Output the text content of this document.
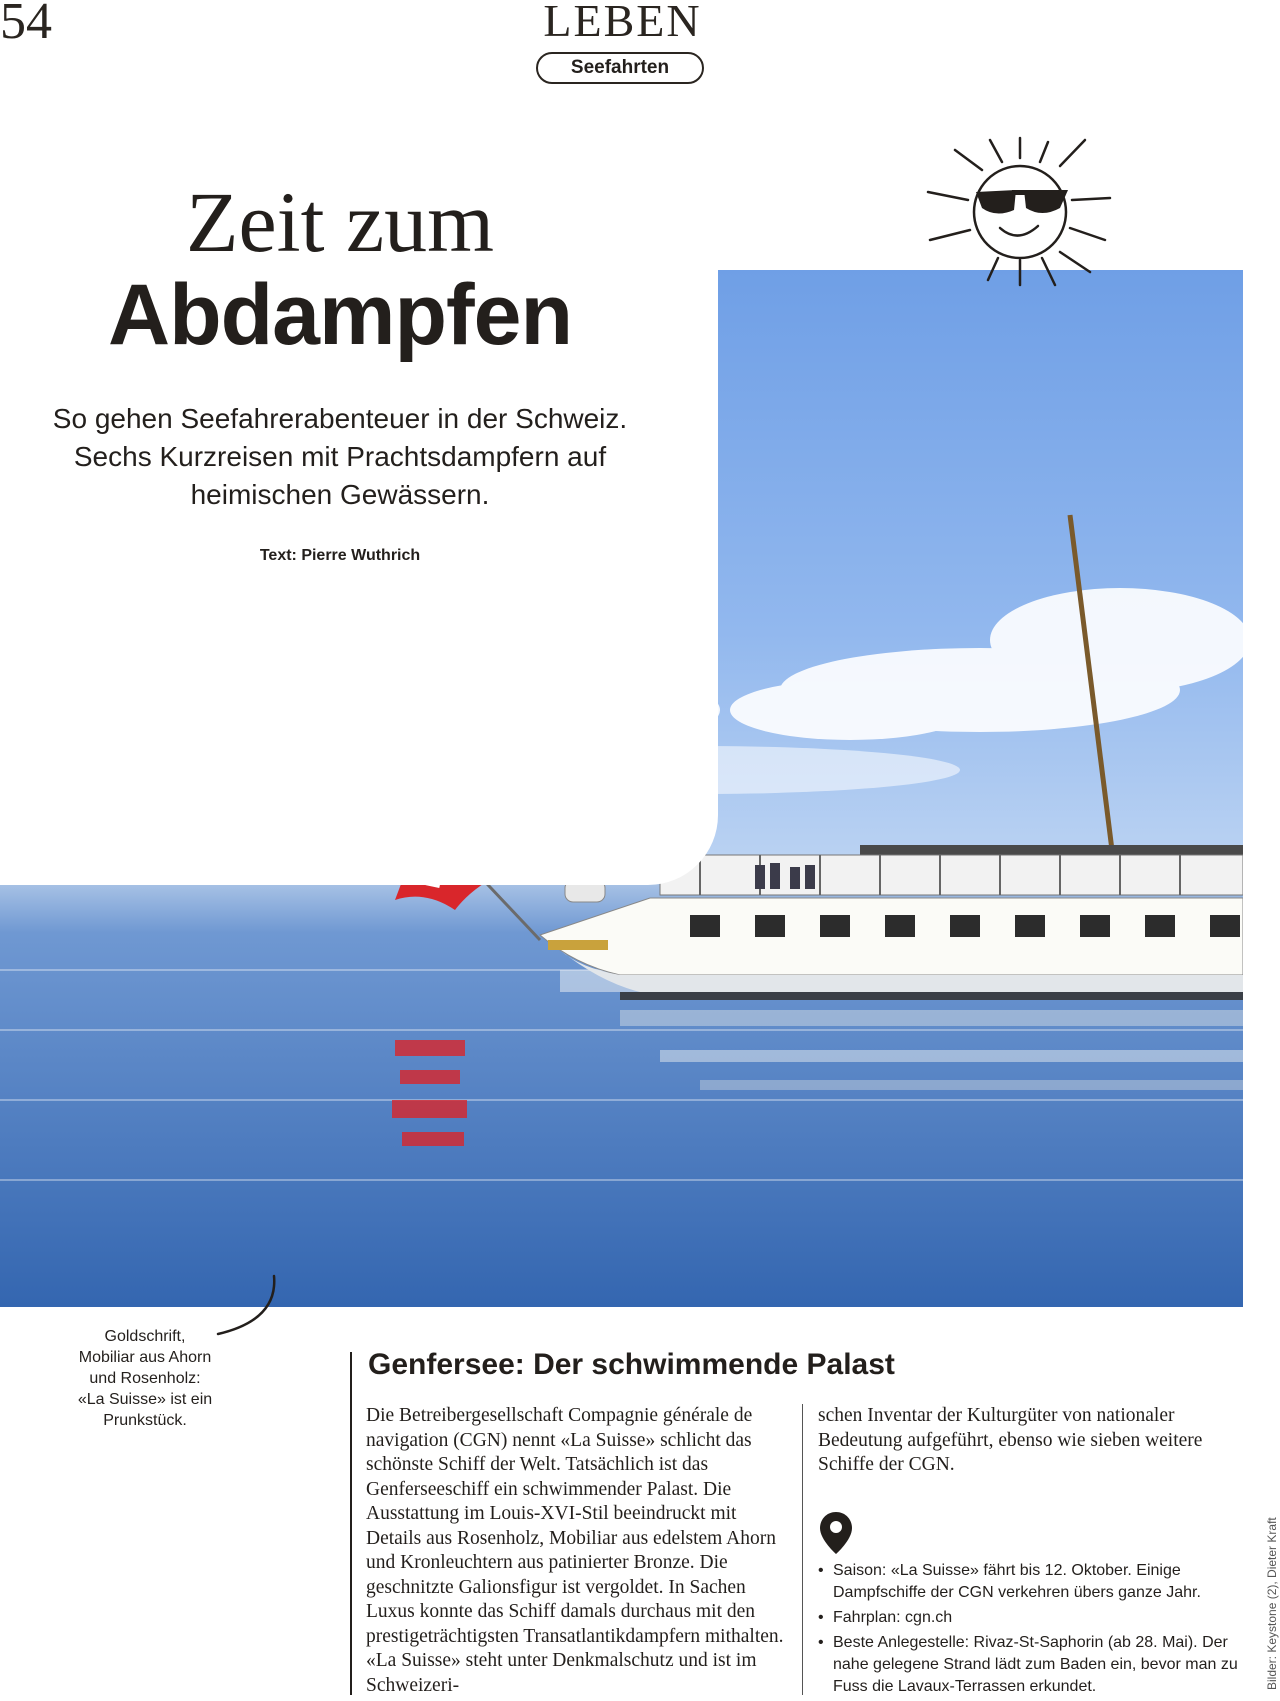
54	LEBEN
Seefahrten
Zeit zum
Abdampfen
So gehen Seefahrerabenteuer in der Schweiz.
Sechs Kurzreisen mit Prachtsdampfern auf
heimischen Gewässern.
Text: Pierre Wuthrich
Goldschrift,
Mobiliar aus Ahorn
und Rosenholz:
«La Suisse» ist ein
Prunkstück.
Genfersee: Der schwimmende Palast
Die Betreibergesellschaft Compagnie générale de navigation (CGN) nennt «La Suisse» schlicht das schönste Schiff der Welt. Tatsächlich ist das Genferseeschiff ein schwimmender Palast. Die Ausstattung im Louis-XVI-Stil beeindruckt mit Details aus Rosenholz, Mobiliar aus edelstem Ahorn und Kronleuchtern aus patinierter Bronze. Die geschnitzte Galionsfigur ist vergoldet. In Sachen Luxus konnte das Schiff damals durchaus mit den prestigeträchtigsten Transatlantikdampfern mithalten. «La Suisse» steht unter Denkmalschutz und ist im Schweizeri-
schen Inventar der Kulturgüter von nationaler Bedeutung aufgeführt, ebenso wie sieben weitere Schiffe der CGN.
• Saison: «La Suisse» fährt bis 12. Oktober. Einige Dampfschiffe der CGN verkehren übers ganze Jahr.
• Fahrplan: cgn.ch
• Beste Anlegestelle: Rivaz-St-Saphorin (ab 28. Mai). Der nahe gelegene Strand lädt zum Baden ein, bevor man zu Fuss die Lavaux-Terrassen erkundet.	Bilder: Keystone (2), Dieter Kraft
